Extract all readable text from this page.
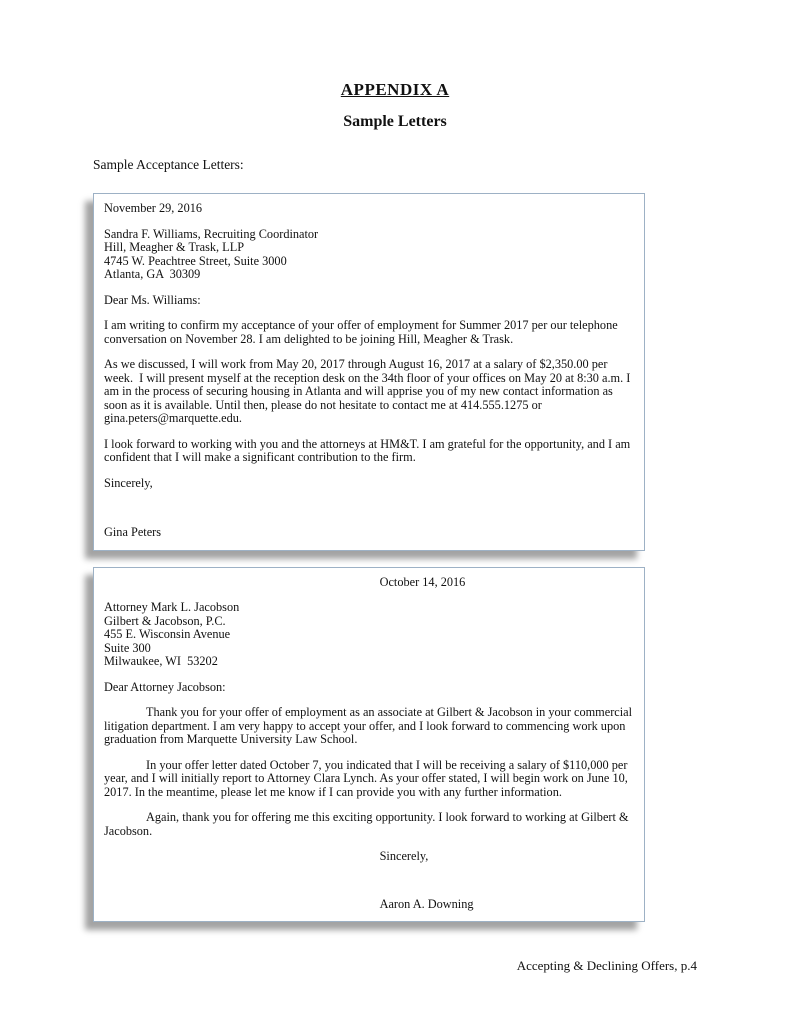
APPENDIX A
Sample Letters
Sample Acceptance Letters:
November 29, 2016
Sandra F. Williams, Recruiting Coordinator
Hill, Meagher & Trask, LLP
4745 W. Peachtree Street, Suite 3000
Atlanta, GA  30309
Dear Ms. Williams:

I am writing to confirm my acceptance of your offer of employment for Summer 2017 per our telephone conversation on November 28. I am delighted to be joining Hill, Meagher & Trask.

As we discussed, I will work from May 20, 2017 through August 16, 2017 at a salary of $2,350.00 per week.  I will present myself at the reception desk on the 34th floor of your offices on May 20 at 8:30 a.m. I am in the process of securing housing in Atlanta and will apprise you of my new contact information as soon as it is available. Until then, please do not hesitate to contact me at 414.555.1275 or gina.peters@marquette.edu.

I look forward to working with you and the attorneys at HM&T. I am grateful for the opportunity, and I am confident that I will make a significant contribution to the firm.

Sincerely,
Gina Peters
October 14, 2016
Attorney Mark L. Jacobson
Gilbert & Jacobson, P.C.
455 E. Wisconsin Avenue
Suite 300
Milwaukee, WI  53202
Dear Attorney Jacobson:

Thank you for your offer of employment as an associate at Gilbert & Jacobson in your commercial litigation department. I am very happy to accept your offer, and I look forward to commencing work upon graduation from Marquette University Law School.

In your offer letter dated October 7, you indicated that I will be receiving a salary of $110,000 per year, and I will initially report to Attorney Clara Lynch. As your offer stated, I will begin work on June 10, 2017. In the meantime, please let me know if I can provide you with any further information.

Again, thank you for offering me this exciting opportunity. I look forward to working at Gilbert & Jacobson.

Sincerely,
Aaron A. Downing
Accepting & Declining Offers, p.4
